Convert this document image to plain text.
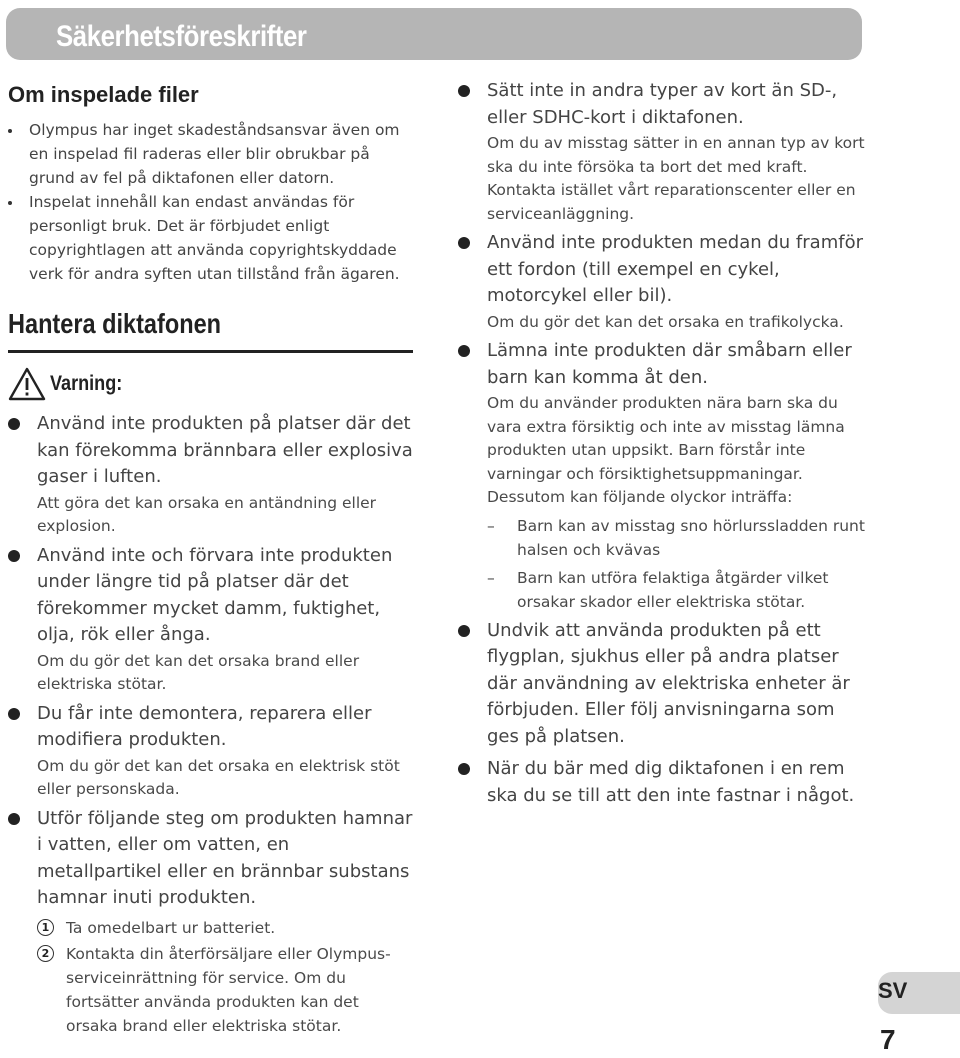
Säkerhetsföreskrifter
Om inspelade filer
Olympus har inget skadeståndsansvar även om en inspelad fil raderas eller blir obrukbar på grund av fel på diktafonen eller datorn.
Inspelat innehåll kan endast användas för personligt bruk. Det är förbjudet enligt copyrightlagen att använda copyrightskyddade verk för andra syften utan tillstånd från ägaren.
Hantera diktafonen
Varning:
Använd inte produkten på platser där det kan förekomma brännbara eller explosiva gaser i luften.
Att göra det kan orsaka en antändning eller explosion.
Använd inte och förvara inte produkten under längre tid på platser där det förekommer mycket damm, fuktighet, olja, rök eller ånga.
Om du gör det kan det orsaka brand eller elektriska stötar.
Du får inte demontera, reparera eller modifiera produkten.
Om du gör det kan det orsaka en elektrisk stöt eller personskada.
Utför följande steg om produkten hamnar i vatten, eller om vatten, en metallpartikel eller en brännbar substans hamnar inuti produkten.
1	Ta omedelbart ur batteriet.
2	Kontakta din återförsäljare eller Olympus-serviceinrättning för service. Om du fortsätter använda produkten kan det orsaka brand eller elektriska stötar.
Sätt inte in andra typer av kort än SD-, eller SDHC-kort i diktafonen.
Om du av misstag sätter in en annan typ av kort ska du inte försöka ta bort det med kraft. Kontakta istället vårt reparationscenter eller en serviceanläggning.
Använd inte produkten medan du framför ett fordon (till exempel en cykel, motorcykel eller bil).
Om du gör det kan det orsaka en trafikolycka.
Lämna inte produkten där småbarn eller barn kan komma åt den.
Om du använder produkten nära barn ska du vara extra försiktig och inte av misstag lämna produkten utan uppsikt. Barn förstår inte varningar och försiktighetsuppmaningar. Dessutom kan följande olyckor inträffa:
– Barn kan av misstag sno hörlurssladden runt halsen och kvävas
– Barn kan utföra felaktiga åtgärder vilket orsakar skador eller elektriska stötar.
Undvik att använda produkten på ett flygplan, sjukhus eller på andra platser där användning av elektriska enheter är förbjuden. Eller följ anvisningarna som ges på platsen.
När du bär med dig diktafonen i en rem ska du se till att den inte fastnar i något.
SV
7
